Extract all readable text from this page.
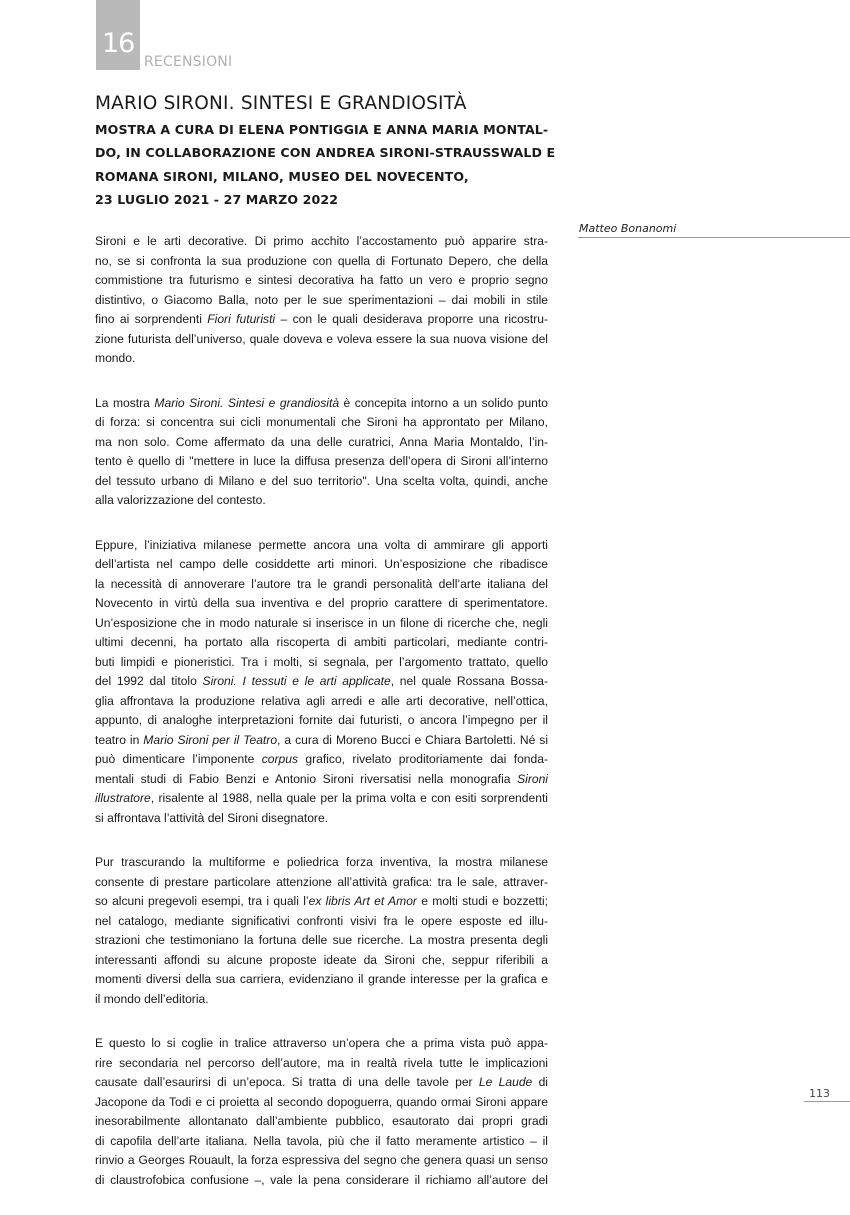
16
RECENSIONI
MARIO SIRONI. SINTESI E GRANDIOSITÀ
MOSTRA A CURA DI ELENA PONTIGGIA E ANNA MARIA MONTAL-
DO, IN COLLABORAZIONE CON ANDREA SIRONI-STRAUSSWALD E
ROMANA SIRONI, MILANO, MUSEO DEL NOVECENTO,
23 LUGLIO 2021 - 27 MARZO 2022
Matteo Bonanomi

Sironi e le arti decorative. Di primo acchito l’accostamento può apparire stra-
no, se si confronta la sua produzione con quella di Fortunato Depero, che della
commistione tra futurismo e sintesi decorativa ha fatto un vero e proprio segno
distintivo, o Giacomo Balla, noto per le sue sperimentazioni – dai mobili in stile
fino ai sorprendenti Fiori futuristi – con le quali desiderava proporre una ricostru-
zione futurista dell’universo, quale doveva e voleva essere la sua nuova visione del
mondo.

La mostra Mario Sironi. Sintesi e grandiosità è concepita intorno a un solido punto
di forza: si concentra sui cicli monumentali che Sironi ha approntato per Milano,
ma non solo. Come affermato da una delle curatrici, Anna Maria Montaldo, l’in-
tento è quello di "mettere in luce la diffusa presenza dell’opera di Sironi all’interno
del tessuto urbano di Milano e del suo territorio". Una scelta volta, quindi, anche
alla valorizzazione del contesto.

Eppure, l’iniziativa milanese permette ancora una volta di ammirare gli apporti
dell’artista nel campo delle cosiddette arti minori. Un’esposizione che ribadisce
la necessità di annoverare l’autore tra le grandi personalità dell’arte italiana del
Novecento in virtù della sua inventiva e del proprio carattere di sperimentatore.
Un’esposizione che in modo naturale si inserisce in un filone di ricerche che, negli
ultimi decenni, ha portato alla riscoperta di ambiti particolari, mediante contri-
buti limpidi e pioneristici. Tra i molti, si segnala, per l’argomento trattato, quello
del 1992 dal titolo Sironi. I tessuti e le arti applicate, nel quale Rossana Bossa-
glia affrontava la produzione relativa agli arredi e alle arti decorative, nell’ottica,
appunto, di analoghe interpretazioni fornite dai futuristi, o ancora l’impegno per il
teatro in Mario Sironi per il Teatro, a cura di Moreno Bucci e Chiara Bartoletti. Né si
può dimenticare l’imponente corpus grafico, rivelato proditoriamente dai fonda-
mentali studi di Fabio Benzi e Antonio Sironi riversatisi nella monografia Sironi
illustratore, risalente al 1988, nella quale per la prima volta e con esiti sorprendenti
si affrontava l’attività del Sironi disegnatore.

Pur trascurando la multiforme e poliedrica forza inventiva, la mostra milanese
consente di prestare particolare attenzione all’attività grafica: tra le sale, attraver-
so alcuni pregevoli esempi, tra i quali l’ex libris Art et Amor e molti studi e bozzetti;
nel catalogo, mediante significativi confronti visivi fra le opere esposte ed illu-
strazioni che testimoniano la fortuna delle sue ricerche. La mostra presenta degli
interessanti affondi su alcune proposte ideate da Sironi che, seppur riferibili a
momenti diversi della sua carriera, evidenziano il grande interesse per la grafica e
il mondo dell’editoria.

E questo lo si coglie in tralice attraverso un’opera che a prima vista può appa-
rire secondaria nel percorso dell’autore, ma in realtà rivela tutte le implicazioni
causate dall’esaurirsi di un’epoca. Si tratta di una delle tavole per Le Laude di
Jacopone da Todi e ci proietta al secondo dopoguerra, quando ormai Sironi appare
inesorabilmente allontanato dall’ambiente pubblico, esautorato dai propri gradi
di capofila dell’arte italiana. Nella tavola, più che il fatto meramente artistico – il
rinvio a Georges Rouault, la forza espressiva del segno che genera quasi un senso
di claustrofobica confusione –, vale la pena considerare il richiamo all’autore del

113
